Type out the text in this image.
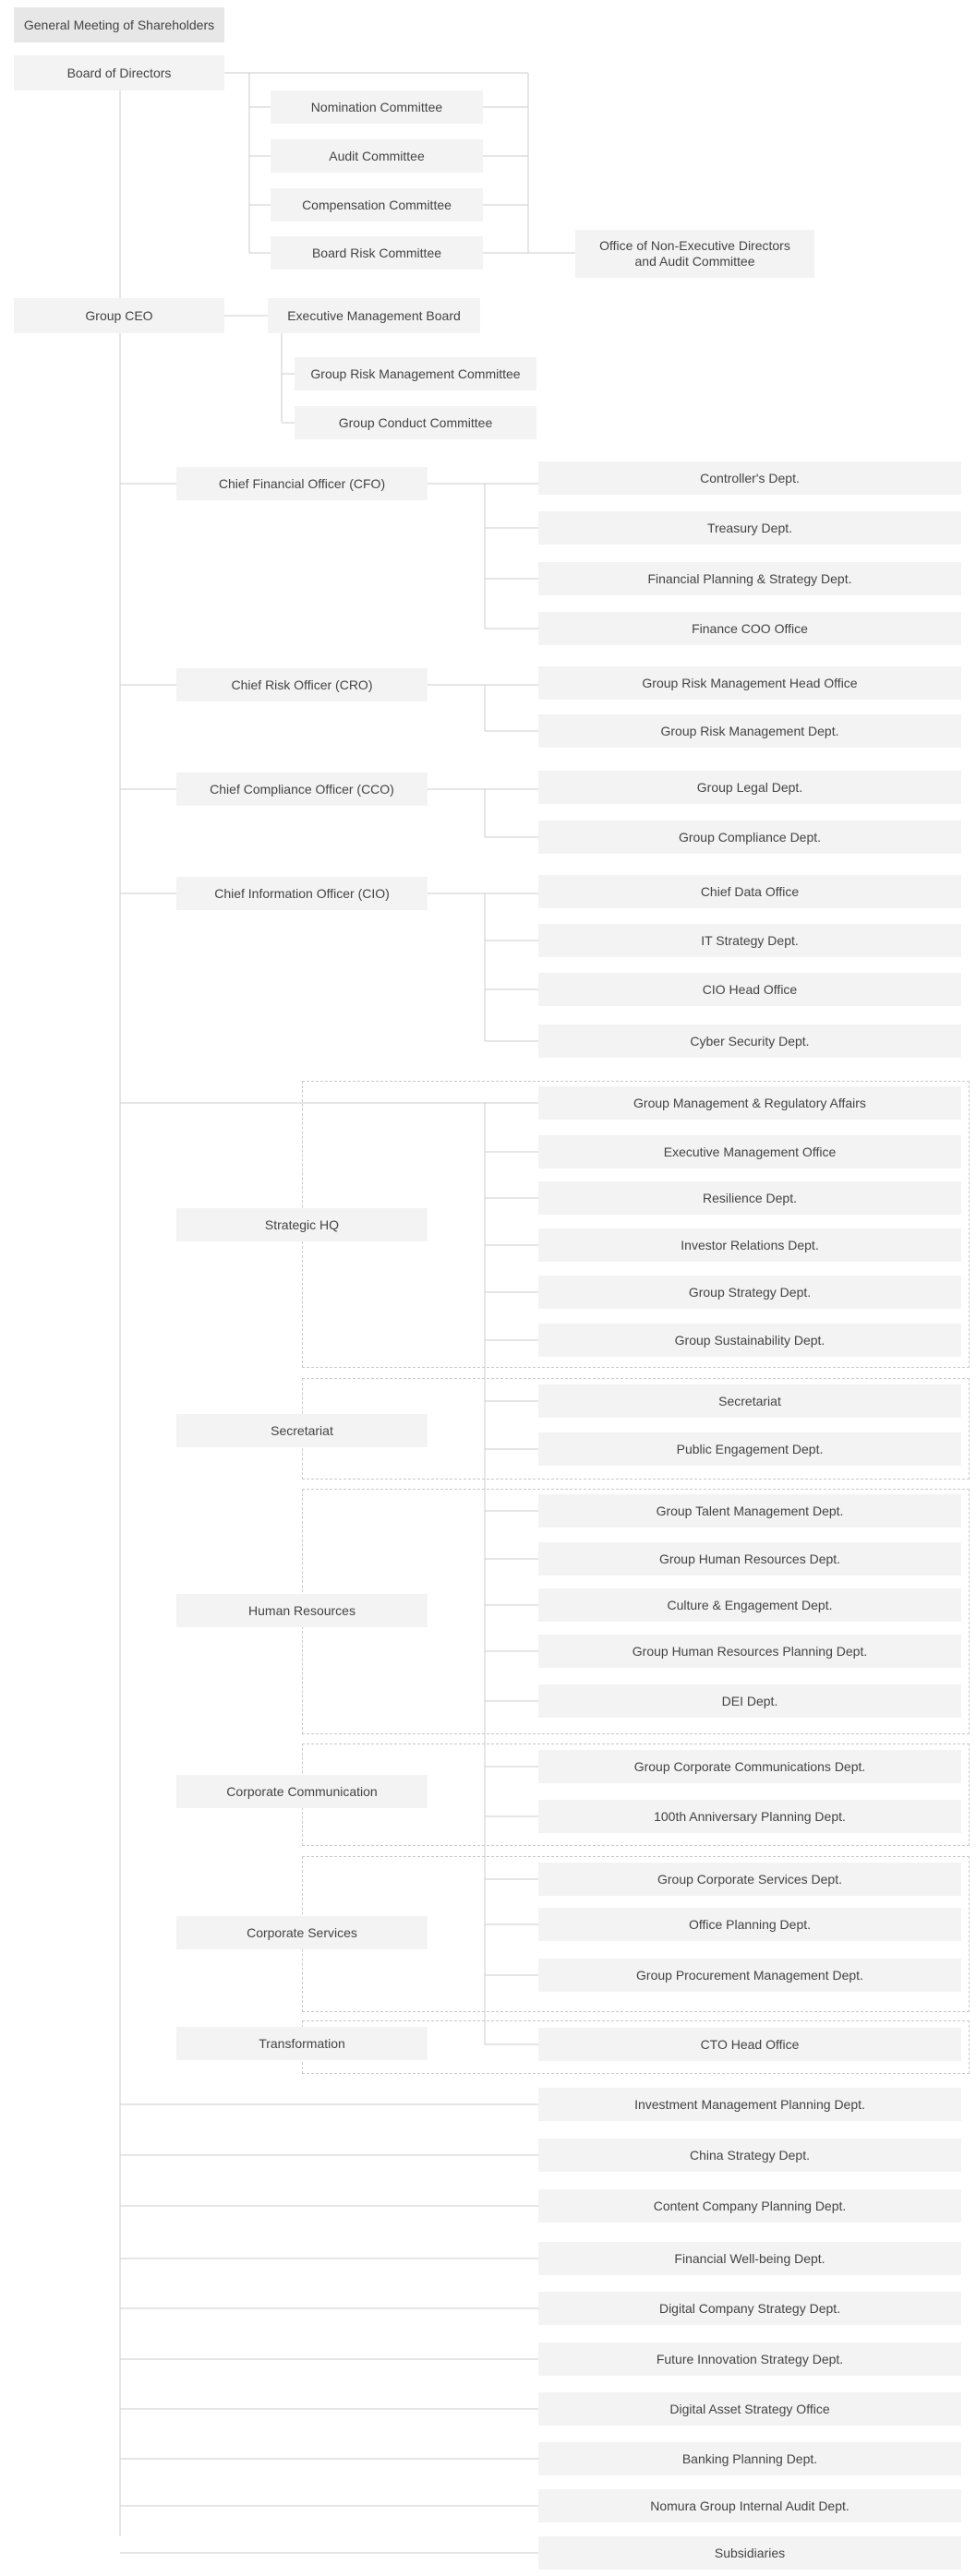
General Meeting of Shareholders
Board of Directors
Nomination Committee
Audit Committee
Compensation Committee
Board Risk Committee	Office of Non-Executive Directors
and Audit Committee
Group CEO	Executive Management Board
Group Risk Management Committee
Group Conduct Committee
Chief Financial Officer (CFO)	Controller's Dept.
Treasury Dept.
Financial Planning & Strategy Dept.
Finance COO Office
Chief Risk Officer (CRO)	Group Risk Management Head Office
Group Risk Management Dept.
Chief Compliance Officer (CCO)	Group Legal Dept.
Group Compliance Dept.
Chief Information Officer (CIO)	Chief Data Office
IT Strategy Dept.
CIO Head Office
Cyber Security Dept.
Strategic HQ
Group Management & Regulatory Affairs
Executive Management Office
Resilience Dept.
Investor Relations Dept.
Group Strategy Dept.
Group Sustainability Dept.
Secretariat
Secretariat
Public Engagement Dept.
Human Resources
Group Talent Management Dept.
Group Human Resources Dept.
Culture & Engagement Dept.
Group Human Resources Planning Dept.
DEI Dept.
Corporate Communication
Group Corporate Communications Dept.
100th Anniversary Planning Dept.
Corporate Services
Group Corporate Services Dept.
Office Planning Dept.
Group Procurement Management Dept.
Transformation	CTO Head Office
Investment Management Planning Dept.
China Strategy Dept.
Content Company Planning Dept.
Financial Well-being Dept.
Digital Company Strategy Dept.
Future Innovation Strategy Dept.
Digital Asset Strategy Office
Banking Planning Dept.
Nomura Group Internal Audit Dept.
Subsidiaries
